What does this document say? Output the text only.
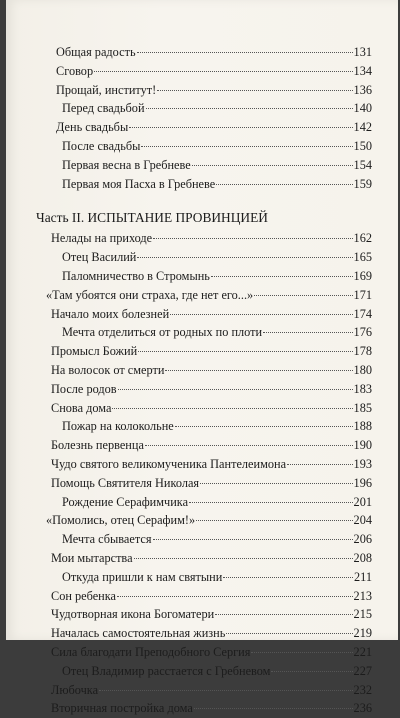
Общая радость	131
Сговор	134
Прощай, институт!	136
Перед свадьбой	140
День свадьбы	142
После свадьбы	150
Первая весна в Гребневе	154
Первая моя Пасха в Гребневе	159
Часть II. ИСПЫТАНИЕ ПРОВИНЦИЕЙ
Нелады на приходе	162
Отец Василий	165
Паломничество в Стромынь	169
«Там убоятся они страха, где нет его...»	171
Начало моих болезней	174
Мечта отделиться от родных по плоти	176
Промысл Божий	178
На волосок от смерти	180
После родов	183
Снова дома	185
Пожар на колокольне	188
Болезнь первенца	190
Чудо святого великомученика Пантелеимона	193
Помощь Святителя Николая	196
Рождение Серафимчика	201
«Помолись, отец Серафим!»	204
Мечта сбывается	206
Мои мытарства	208
Откуда пришли к нам святыни	211
Сон ребенка	213
Чудотворная икона Богоматери	215
Началась самостоятельная жизнь	219
Сила благодати Преподобного Сергия	221
Отец Владимир расстается с Гребневом	227
Любочка	232
Вторичная постройка дома	236
